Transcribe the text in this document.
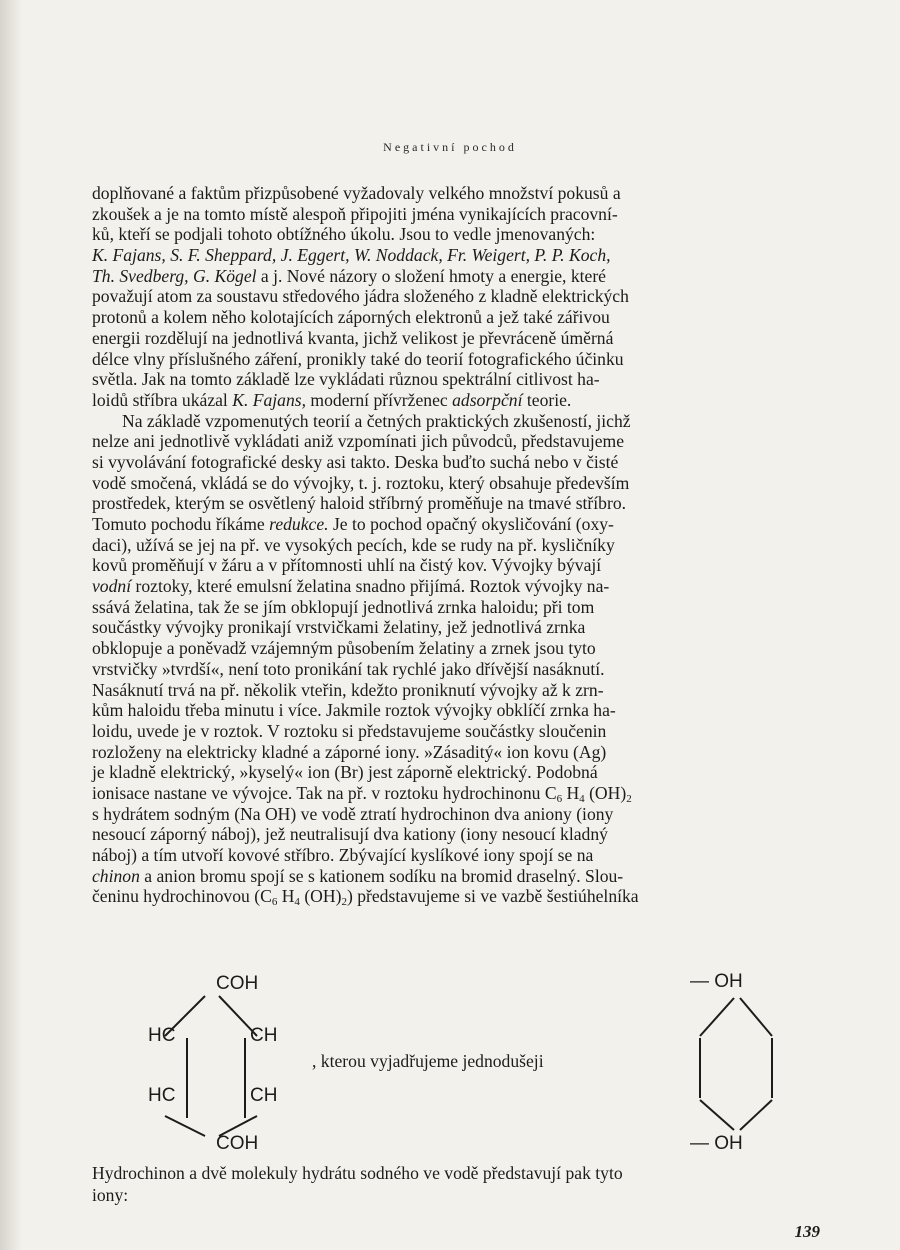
Negativní pochod
doplňované a faktům přizpůsobené vyžadovaly velkého množství pokusů a
zkoušek a je na tomto místě alespoň připojiti jména vynikajících pracovní-
ků, kteří se podjali tohoto obtížného úkolu. Jsou to vedle jmenovaných:
K. Fajans, S. F. Sheppard, J. Eggert, W. Noddack, Fr. Weigert, P. P. Koch,
Th. Svedberg, G. Kögel a j. Nové názory o složení hmoty a energie, které
považují atom za soustavu středového jádra složeného z kladně elektrických
protonů a kolem něho kolotajících záporných elektronů a jež také zářivou
energii rozdělují na jednotlivá kvanta, jichž velikost je převráceně úměrná
délce vlny příslušného záření, pronikly také do teorií fotografického účinku
světla. Jak na tomto základě lze vykládati různou spektrální citlivost ha-
loidů stříbra ukázal K. Fajans, moderní přívrženec adsorpční teorie.
Na základě vzpomenutých teorií a četných praktických zkušeností, jichž
nelze ani jednotlivě vykládati aniž vzpomínati jich původců, představujeme
si vyvolávání fotografické desky asi takto. Deska buďto suchá nebo v čisté
vodě smočená, vkládá se do vývojky, t. j. roztoku, který obsahuje především
prostředek, kterým se osvětlený haloid stříbrný proměňuje na tmavé stříbro.
Tomuto pochodu říkáme redukce. Je to pochod opačný okysličování (oxy-
daci), užívá se jej na př. ve vysokých pecích, kde se rudy na př. kysličníky
kovů proměňují v žáru a v přítomnosti uhlí na čistý kov. Vývojky bývají
vodní roztoky, které emulsní želatina snadno přijímá. Roztok vývojky na-
ssává želatina, tak že se jím obklopují jednotlivá zrnka haloidu; při tom
součástky vývojky pronikají vrstvičkami želatiny, jež jednotlivá zrnka
obklopuje a poněvadž vzájemným působením želatiny a zrnek jsou tyto
vrstvičky »tvrdší«, není toto pronikání tak rychlé jako dřívější nasáknutí.
Nasáknutí trvá na př. několik vteřin, kdežto proniknutí vývojky až k zrn-
kům haloidu třeba minutu i více. Jakmile roztok vývojky obklíčí zrnka ha-
loidu, uvede je v roztok. V roztoku si představujeme součástky sloučenin
rozloženy na elektricky kladné a záporné iony. »Zásaditý« ion kovu (Ag)
je kladně elektrický, »kyselý« ion (Br) jest záporně elektrický. Podobná
ionisace nastane ve vývojce. Tak na př. v roztoku hydrochinonu $C_6$ $H_4$ $(OH)_2$
s hydrátem sodným (Na OH) ve vodě ztratí hydrochinon dva aniony (iony
nesoucí záporný náboj), jež neutralisují dva kationy (iony nesoucí kladný
náboj) a tím utvoří kovové stříbro. Zbývající kyslíkové iony spojí se na
chinon a anion bromu spojí se s kationem sodíku na bromid draselný. Slou-
čeninu hydrochinovou ($C_6$ $H_4$ $(OH)_2$) představujeme si ve vazbě šestiúhelníka
COH
HC	CH
HC	CH
COH
, kterou vyjadřujeme jednodušeji
— OH
— OH
Hydrochinon a dvě molekuly hydrátu sodného ve vodě představují pak tyto
iony:
139
